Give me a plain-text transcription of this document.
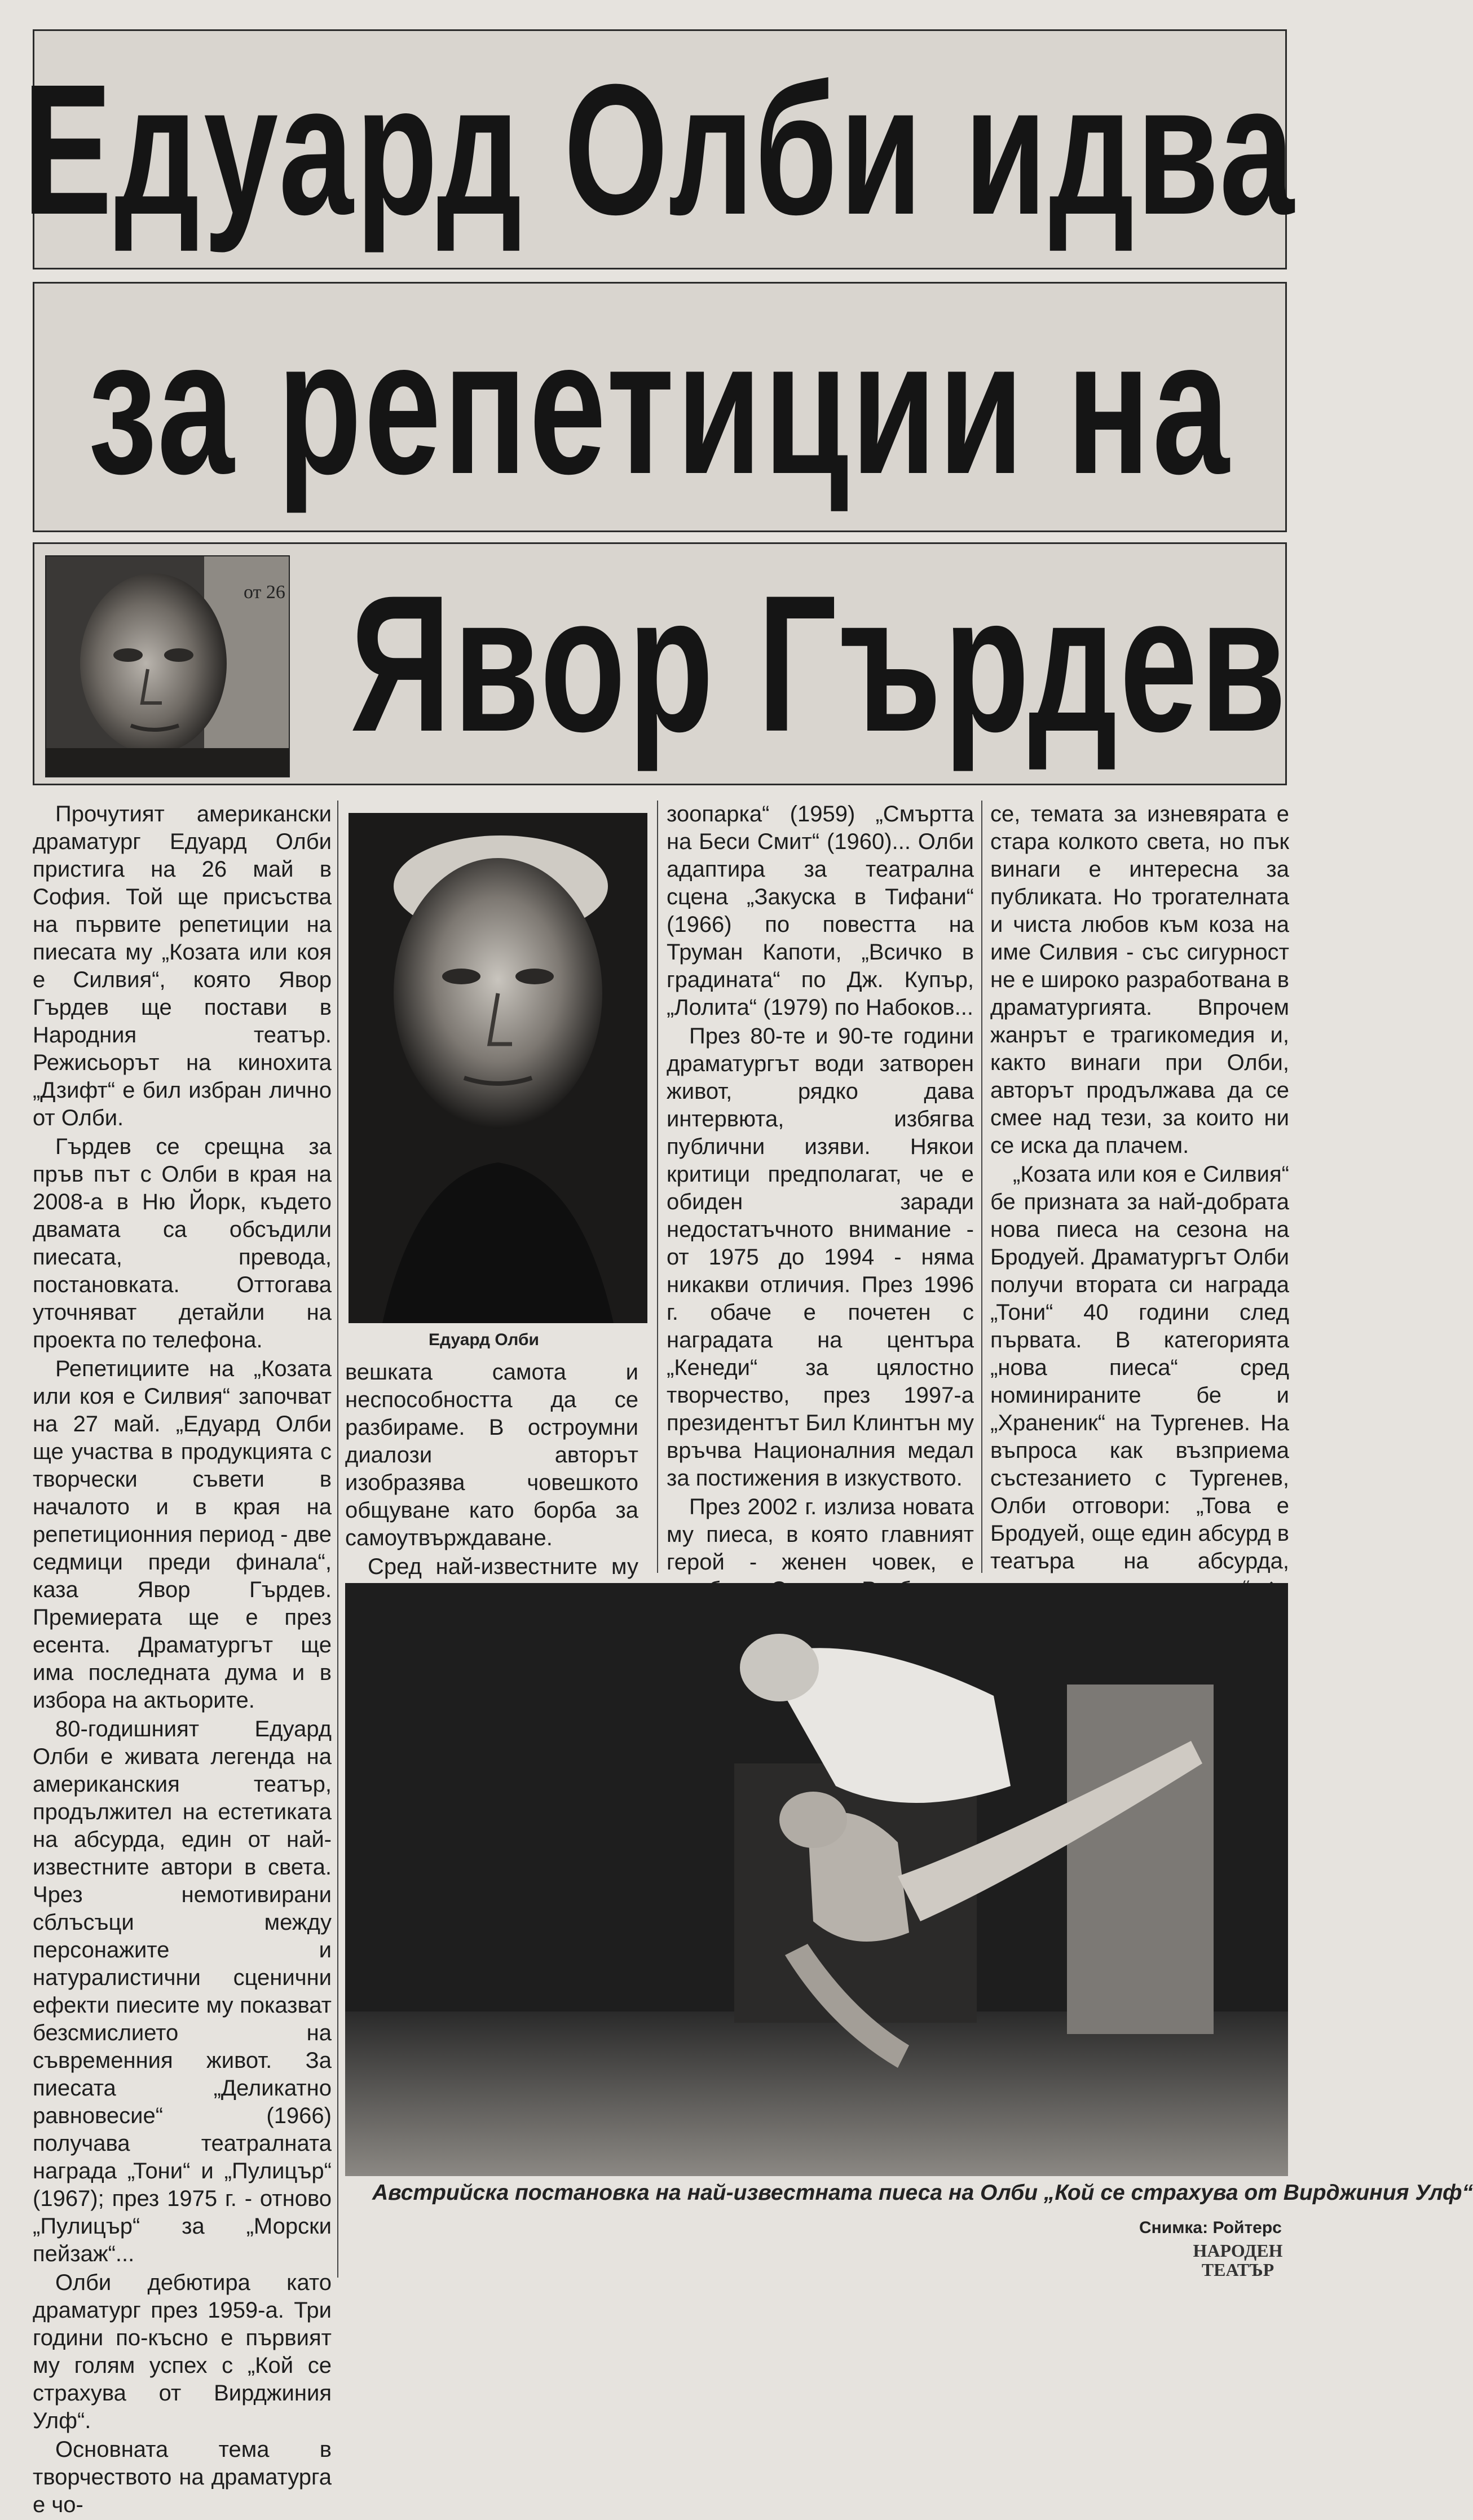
Едуард Олби идва
за репетиции на
Явор Гърдев
от 26
Едуард Олби

Прочутият американски драматург Едуард Олби пристига на 26 май в София. Той ще присъства на първите репетиции на пиесата му „Козата или коя е Силвия“, която Явор Гърдев ще постави в Народния театър. Режисьорът на кинохита „Дзифт“ е бил избран лично от Олби.

Гърдев се срещна за пръв път с Олби в края на 2008-а в Ню Йорк, където двамата са обсъдили пиесата, превода, постановката. Оттогава уточняват детайли на проекта по телефона.

Репетициите на „Козата или коя е Силвия“ започват на 27 май. „Едуард Олби ще участва в продукцията с творчески съвети в началото и в края на репетиционния период - две седмици преди финала“, каза Явор Гърдев. Премиерата ще е през есента. Драматургът ще има последната дума и в избора на актьорите.

80-годишният Едуард Олби е живата легенда на американския театър, продължител на естетиката на абсурда, един от най-известните автори в света. Чрез немотивирани сблъсъци между персонажите и натуралистични сценични ефекти пиесите му показват безсмислието на съвременния живот. За пиесата „Деликатно равновесие“ (1966) получава театралната награда „Тони“ и „Пулицър“ (1967); през 1975 г. - отново „Пулицър“ за „Морски пейзаж“...

Олби дебютира като драматург през 1959-а. Три години по-късно е първият му голям успех с „Кой се страхува от Вирджиния Улф“.

Основната тема в творчеството на драматурга е чо-

вешката самота и неспособността да се разбираме. В остроумни диалози авторът изобразява човешкото общуване като борба за самоутвърждаване.

Сред най-известните му

зоопарка“ (1959) „Смъртта на Беси Смит“ (1960)... Олби адаптира за театрална сцена „Закуска в Тифани“ (1966) по повестта на Труман Капоти, „Всичко в градината“ по Дж. Купър, „Лолита“ (1979) по Набоков...

През 80-те и 90-те години драматургът води затворен живот, рядко дава интервюта, избягва публични изяви. Някои критици предполагат, че е обиден заради недостатъчното внимание - от 1975 до 1994 - няма никакви отличия. През 1996 г. обаче е почетен с наградата на центъра „Кенеди“ за цялостно творчество, през 1997-а президентът Бил Клинтън му връчва Националния медал за постижения в изкуството.

През 2002 г. излиза новата му пиеса, в която главният герой - женен човек, е

се, темата за изневярата е стара колкото света, но пък винаги е интересна за публиката. Но трогателната и чиста любов към коза на име Силвия - със сигурност не е широко разработвана в драматургията. Впрочем жанрът е трагикомедия и, както винаги при Олби, авторът продължава да се смее над тези, за които ни се иска да плачем.

„Козата или коя е Силвия“ бе призната за най-добрата нова пиеса на сезона на Бродуей. Драматургът Олби получи втората си награда „Тони“ 40 години след първата. В категорията „нова пиеса“ сред номинираните бе и „Храненик“ на Тургенев. На въпроса как възприема състезанието с Тургенев, Олби отговори: „Това е Бродуей, още един абсурд в театъра на абсурда,

Австрийска постановка на най-известната пиеса на Олби „Кой се страхува от Вирджиния Улф“
Снимка: Ройтерс
НАРОДЕН
ТЕАТЪР
